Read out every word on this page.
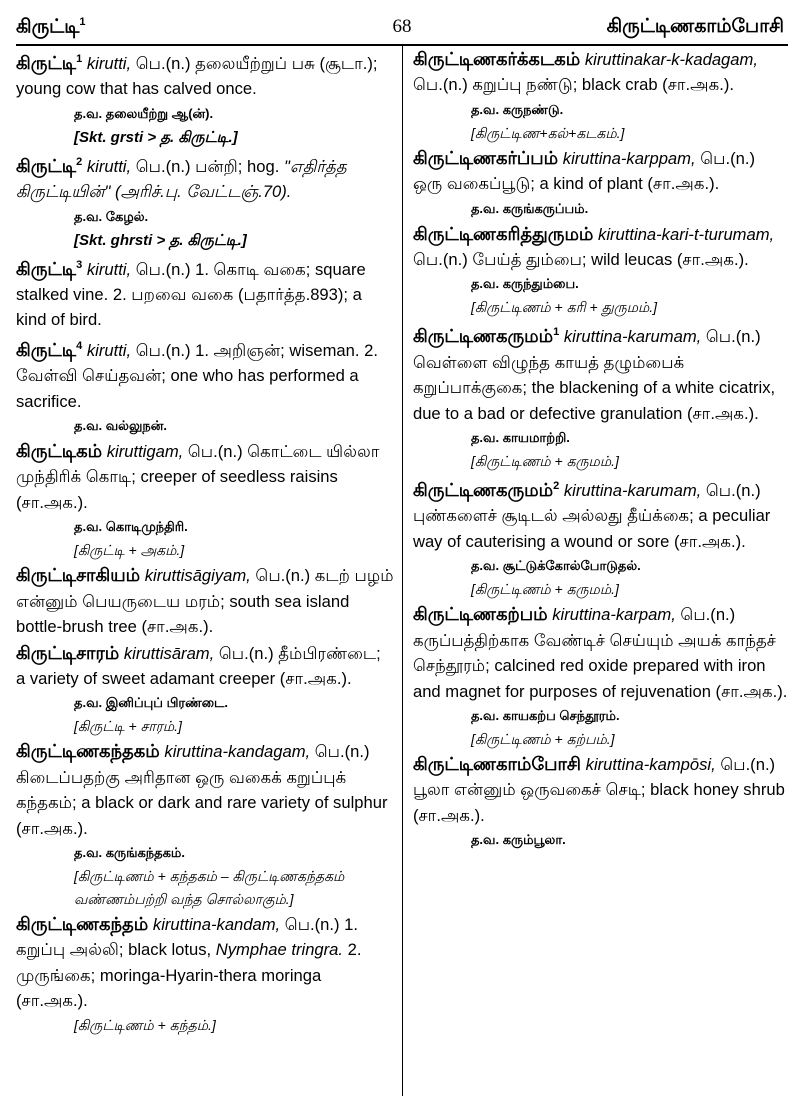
கிருட்டி$^1$	68	கிருட்டிணகாம்போசி
கிருட்டி$^1$ kirutti, பெ.(n.) தலையீற்றுப் பசு (சூடா.); young cow that has calved once.
த.வ. தலையீற்று ஆ(ன்).
[Skt. grsti > த. கிருட்டி.]
கிருட்டி$^2$ kirutti, பெ.(n.) பன்றி; hog. "எதிர்த்த கிருட்டியின்" (அரிச்.பு. வேட்டஞ்.70).
த.வ. கேழல்.
[Skt. ghrsti > த. கிருட்டி.]
கிருட்டி$^3$ kirutti, பெ.(n.) 1. கொடி வகை; square stalked vine. 2. பறவை வகை (பதார்த்த.893); a kind of bird.
கிருட்டி$^4$ kirutti, பெ.(n.) 1. அறிஞன்; wiseman. 2. வேள்வி செய்தவன்; one who has performed a sacrifice.
த.வ. வல்லுநன்.
கிருட்டிகம் kiruttigam, பெ.(n.) கொட்டை யில்லா முந்திரிக் கொடி; creeper of seedless raisins (சா.அக.).
த.வ. கொடிமுந்திரி.
[கிருட்டி + அகம்.]
கிருட்டிசாகியம் kiruttisāgiyam, பெ.(n.) கடற் பழம் என்னும் பெயருடைய மரம்; south sea island bottle-brush tree (சா.அக.).
கிருட்டிசாரம் kiruttisāram, பெ.(n.) தீம்பிரண்டை; a variety of sweet adamant creeper (சா.அக.).
த.வ. இனிப்புப் பிரண்டை.
[கிருட்டி + சாரம்.]
கிருட்டிணகந்தகம் kiruttina-kandagam, பெ.(n.) கிடைப்பதற்கு அரிதான ஒரு வகைக் கறுப்புக் கந்தகம்; a black or dark and rare variety of sulphur (சா.அக.).
த.வ. கருங்கந்தகம்.
[கிருட்டிணம் + கந்தகம் – கிருட்டிணகந்தகம் வண்ணம்பற்றி வந்த சொல்லாகும்.]
கிருட்டிணகந்தம் kiruttina-kandam, பெ.(n.) 1. கறுப்பு அல்லி; black lotus, Nymphae tringra. 2. முருங்கை; moringa-Hyarin-thera moringa (சா.அக.).
[கிருட்டிணம் + கந்தம்.]
கிருட்டிணகர்க்கடகம் kiruttinakar-k-kadagam, பெ.(n.) கறுப்பு நண்டு; black crab (சா.அக.).
த.வ. கருநண்டு.
[கிருட்டிண+கல்+கடகம்.]
கிருட்டிணகர்ப்பம் kiruttina-karppam, பெ.(n.) ஒரு வகைப்பூடு; a kind of plant (சா.அக.).
த.வ. கருங்கருப்பம்.
கிருட்டிணகரித்துருமம் kiruttina-kari-t-turumam, பெ.(n.) பேய்த் தும்பை; wild leucas (சா.அக.).
த.வ. கருந்தும்பை.
[கிருட்டிணம் + கரி + துருமம்.]
கிருட்டிணகருமம்$^1$ kiruttina-karumam, பெ.(n.) வெள்ளை விழுந்த காயத் தழும்பைக் கறுப்பாக்குகை; the blackening of a white cicatrix, due to a bad or defective granulation (சா.அக.).
த.வ. காயமாற்றி.
[கிருட்டிணம் + கருமம்.]
கிருட்டிணகருமம்$^2$ kiruttina-karumam, பெ.(n.) புண்களைச் சூடிடல் அல்லது தீய்க்கை; a peculiar way of cauterising a wound or sore (சா.அக.).
த.வ. சூட்டுக்கோல்போடுதல்.
[கிருட்டிணம் + கருமம்.]
கிருட்டிணகற்பம் kiruttina-karpam, பெ.(n.) கருப்பத்திற்காக வேண்டிச் செய்யும் அயக் காந்தச் செந்தூரம்; calcined red oxide prepared with iron and magnet for purposes of rejuvenation (சா.அக.).
த.வ. காயகற்ப செந்தூரம்.
[கிருட்டிணம் + கற்பம்.]
கிருட்டிணகாம்போசி kiruttina-kampōsi, பெ.(n.) பூலா என்னும் ஒருவகைச் செடி; black honey shrub (சா.அக.).
த.வ. கரும்பூலா.
